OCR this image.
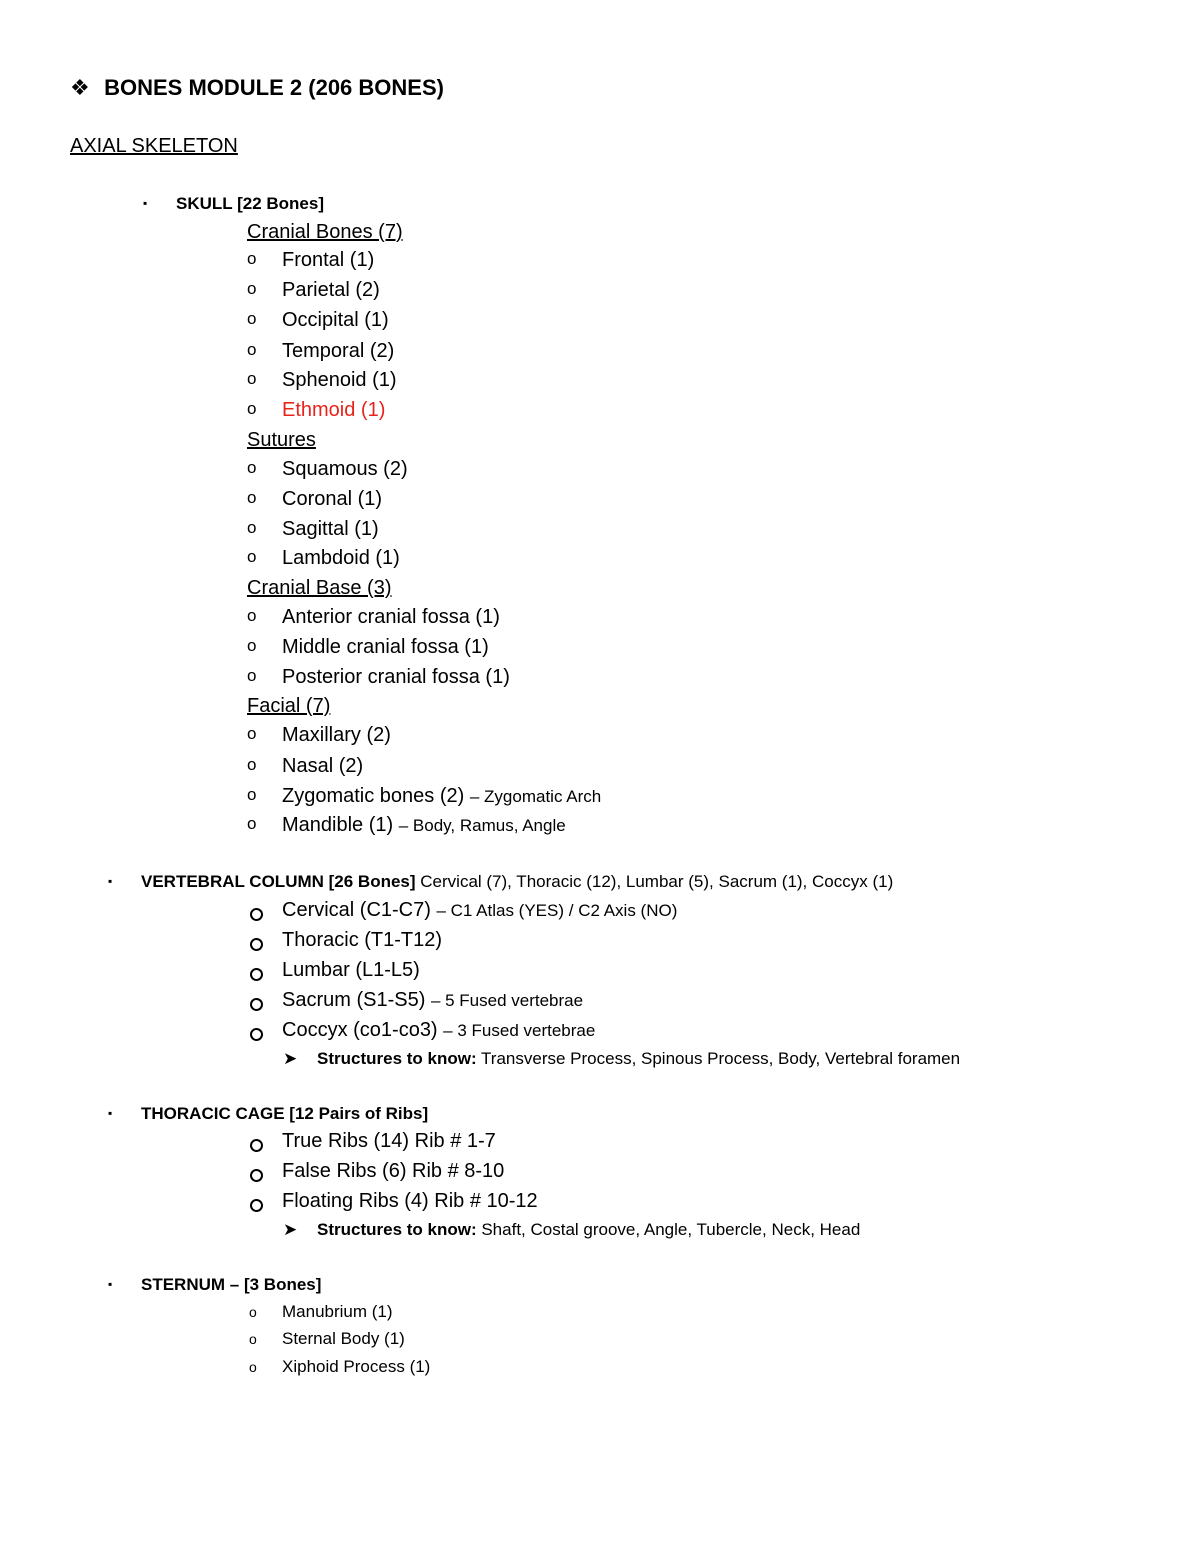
❖ BONES MODULE 2 (206 BONES)
AXIAL SKELETON
▪ SKULL [22 Bones]
Cranial Bones (7)
o Frontal (1)
o Parietal (2)
o Occipital (1)
o Temporal (2)
o Sphenoid (1)
o Ethmoid (1)
Sutures
o Squamous (2)
o Coronal (1)
o Sagittal (1)
o Lambdoid (1)
Cranial Base (3)
o Anterior cranial fossa (1)
o Middle cranial fossa (1)
o Posterior cranial fossa (1)
Facial (7)
o Maxillary (2)
o Nasal (2)
o Zygomatic bones (2) – Zygomatic Arch
o Mandible (1) – Body, Ramus, Angle
▪ VERTEBRAL COLUMN [26 Bones] Cervical (7), Thoracic (12), Lumbar (5), Sacrum (1), Coccyx (1)
Cervical (C1-C7) – C1 Atlas (YES) / C2 Axis (NO)
Thoracic (T1-T12)
Lumbar (L1-L5)
Sacrum (S1-S5) – 5 Fused vertebrae
Coccyx (co1-co3) – 3 Fused vertebrae
➤ Structures to know: Transverse Process, Spinous Process, Body, Vertebral foramen
▪ THORACIC CAGE [12 Pairs of Ribs]
True Ribs (14) Rib # 1-7
False Ribs (6) Rib # 8-10
Floating Ribs (4) Rib # 10-12
➤ Structures to know: Shaft, Costal groove, Angle, Tubercle, Neck, Head
▪ STERNUM – [3 Bones]
o Manubrium (1)
o Sternal Body (1)
o Xiphoid Process (1)
